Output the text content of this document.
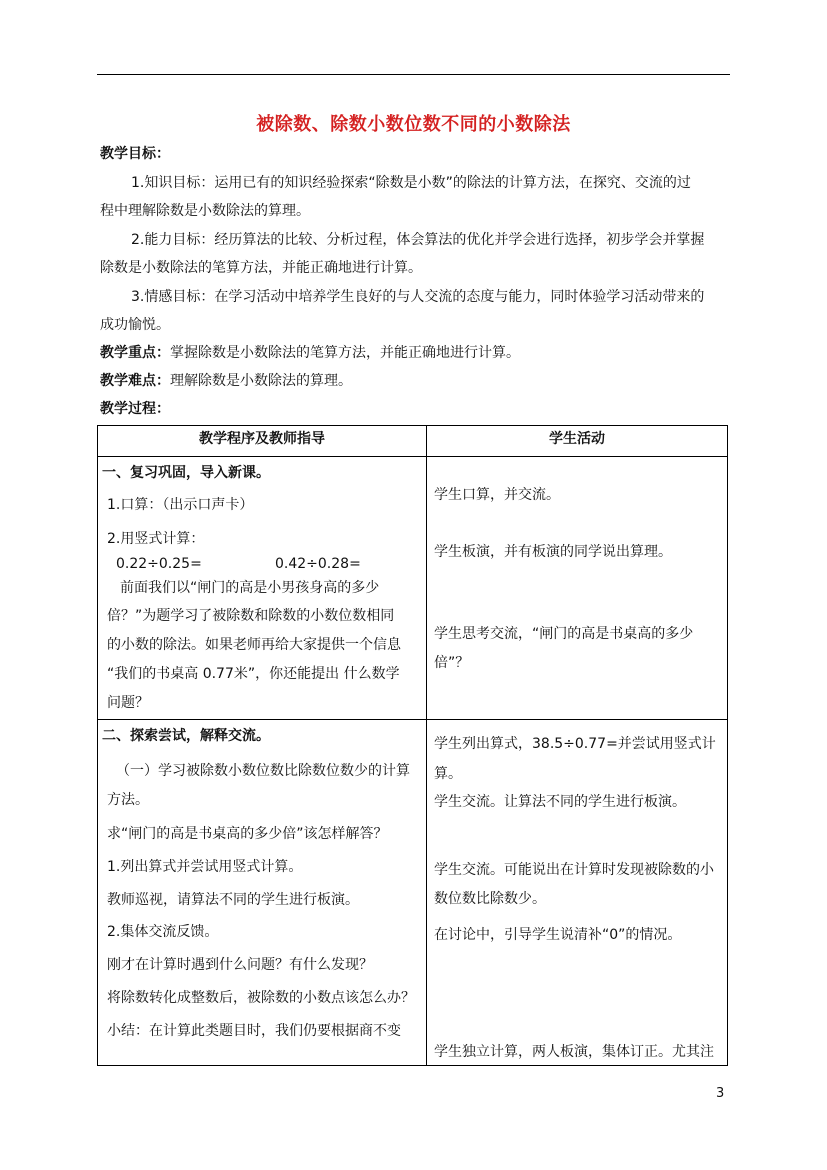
被除数、除数小数位数不同的小数除法
教学目标：
1.知识目标：运用已有的知识经验探索“除数是小数”的除法的计算方法，在探究、交流的过
程中理解除数是小数除法的算理。
2.能力目标：经历算法的比较、分析过程，体会算法的优化并学会进行选择，初步学会并掌握
除数是小数除法的笔算方法，并能正确地进行计算。
3.情感目标：在学习活动中培养学生良好的与人交流的态度与能力，同时体验学习活动带来的
成功愉悦。
教学重点：掌握除数是小数除法的笔算方法，并能正确地进行计算。
教学难点：理解除数是小数除法的算理。
教学过程：
教学程序及教师指导	学生活动
一、复习巩固，导入新课。
1.口算：（出示口声卡）
2.用竖式计算：
0.22÷0.25=	0.42÷0.28=
前面我们以“闸门的高是小男孩身高的多少
倍？”为题学习了被除数和除数的小数位数相同
的小数的除法。如果老师再给大家提供一个信息
“我们的书桌高 0.77米”，你还能提出 什么数学
问题？
学生口算，并交流。
学生板演，并有板演的同学说出算理。
学生思考交流，“闸门的高是书桌高的多少
倍”？
二、探索尝试，解释交流。
（一）学习被除数小数位数比除数位数少的计算
方法。
求“闸门的高是书桌高的多少倍”该怎样解答？
1.列出算式并尝试用竖式计算。
教师巡视，请算法不同的学生进行板演。
2.集体交流反馈。
刚才在计算时遇到什么问题？有什么发现？
将除数转化成整数后，被除数的小数点该怎么办？
小结：在计算此类题目时，我们仍要根据商不变
学生列出算式，38.5÷0.77=并尝试用竖式计
算。
学生交流。让算法不同的学生进行板演。
学生交流。可能说出在计算时发现被除数的小
数位数比除数少。
在讨论中，引导学生说清补“0”的情况。
学生独立计算，两人板演，集体订正。尤其注
3
